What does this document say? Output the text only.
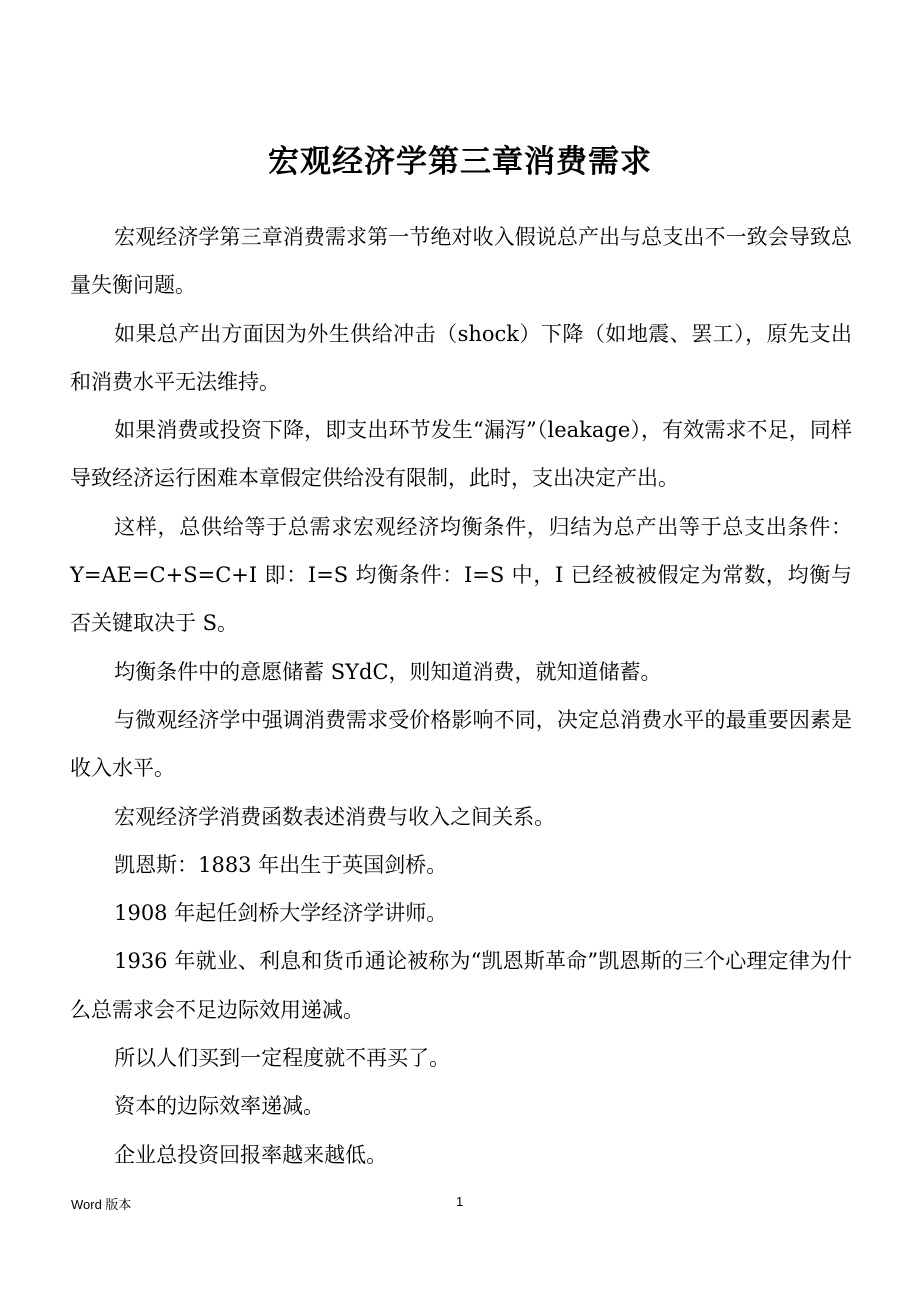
宏观经济学第三章消费需求

宏观经济学第三章消费需求第一节绝对收入假说总产出与总支出不一致会导致总量失衡问题。

如果总产出方面因为外生供给冲击（shock）下降（如地震、罢工），原先支出和消费水平无法维持。

如果消费或投资下降，即支出环节发生“漏泻”（leakage），有效需求不足，同样导致经济运行困难本章假定供给没有限制，此时，支出决定产出。

这样，总供给等于总需求宏观经济均衡条件，归结为总产出等于总支出条件：Y=AE=C+S=C+I 即：I=S 均衡条件：I=S 中，I 已经被被假定为常数，均衡与否关键取决于 S。

均衡条件中的意愿储蓄 SYdC，则知道消费，就知道储蓄。

与微观经济学中强调消费需求受价格影响不同，决定总消费水平的最重要因素是收入水平。

宏观经济学消费函数表述消费与收入之间关系。

凯恩斯：1883 年出生于英国剑桥。

1908 年起任剑桥大学经济学讲师。

1936 年就业、利息和货币通论被称为“凯恩斯革命”凯恩斯的三个心理定律为什么总需求会不足边际效用递减。

所以人们买到一定程度就不再买了。

资本的边际效率递减。

企业总投资回报率越来越低。

Word 版本	1
